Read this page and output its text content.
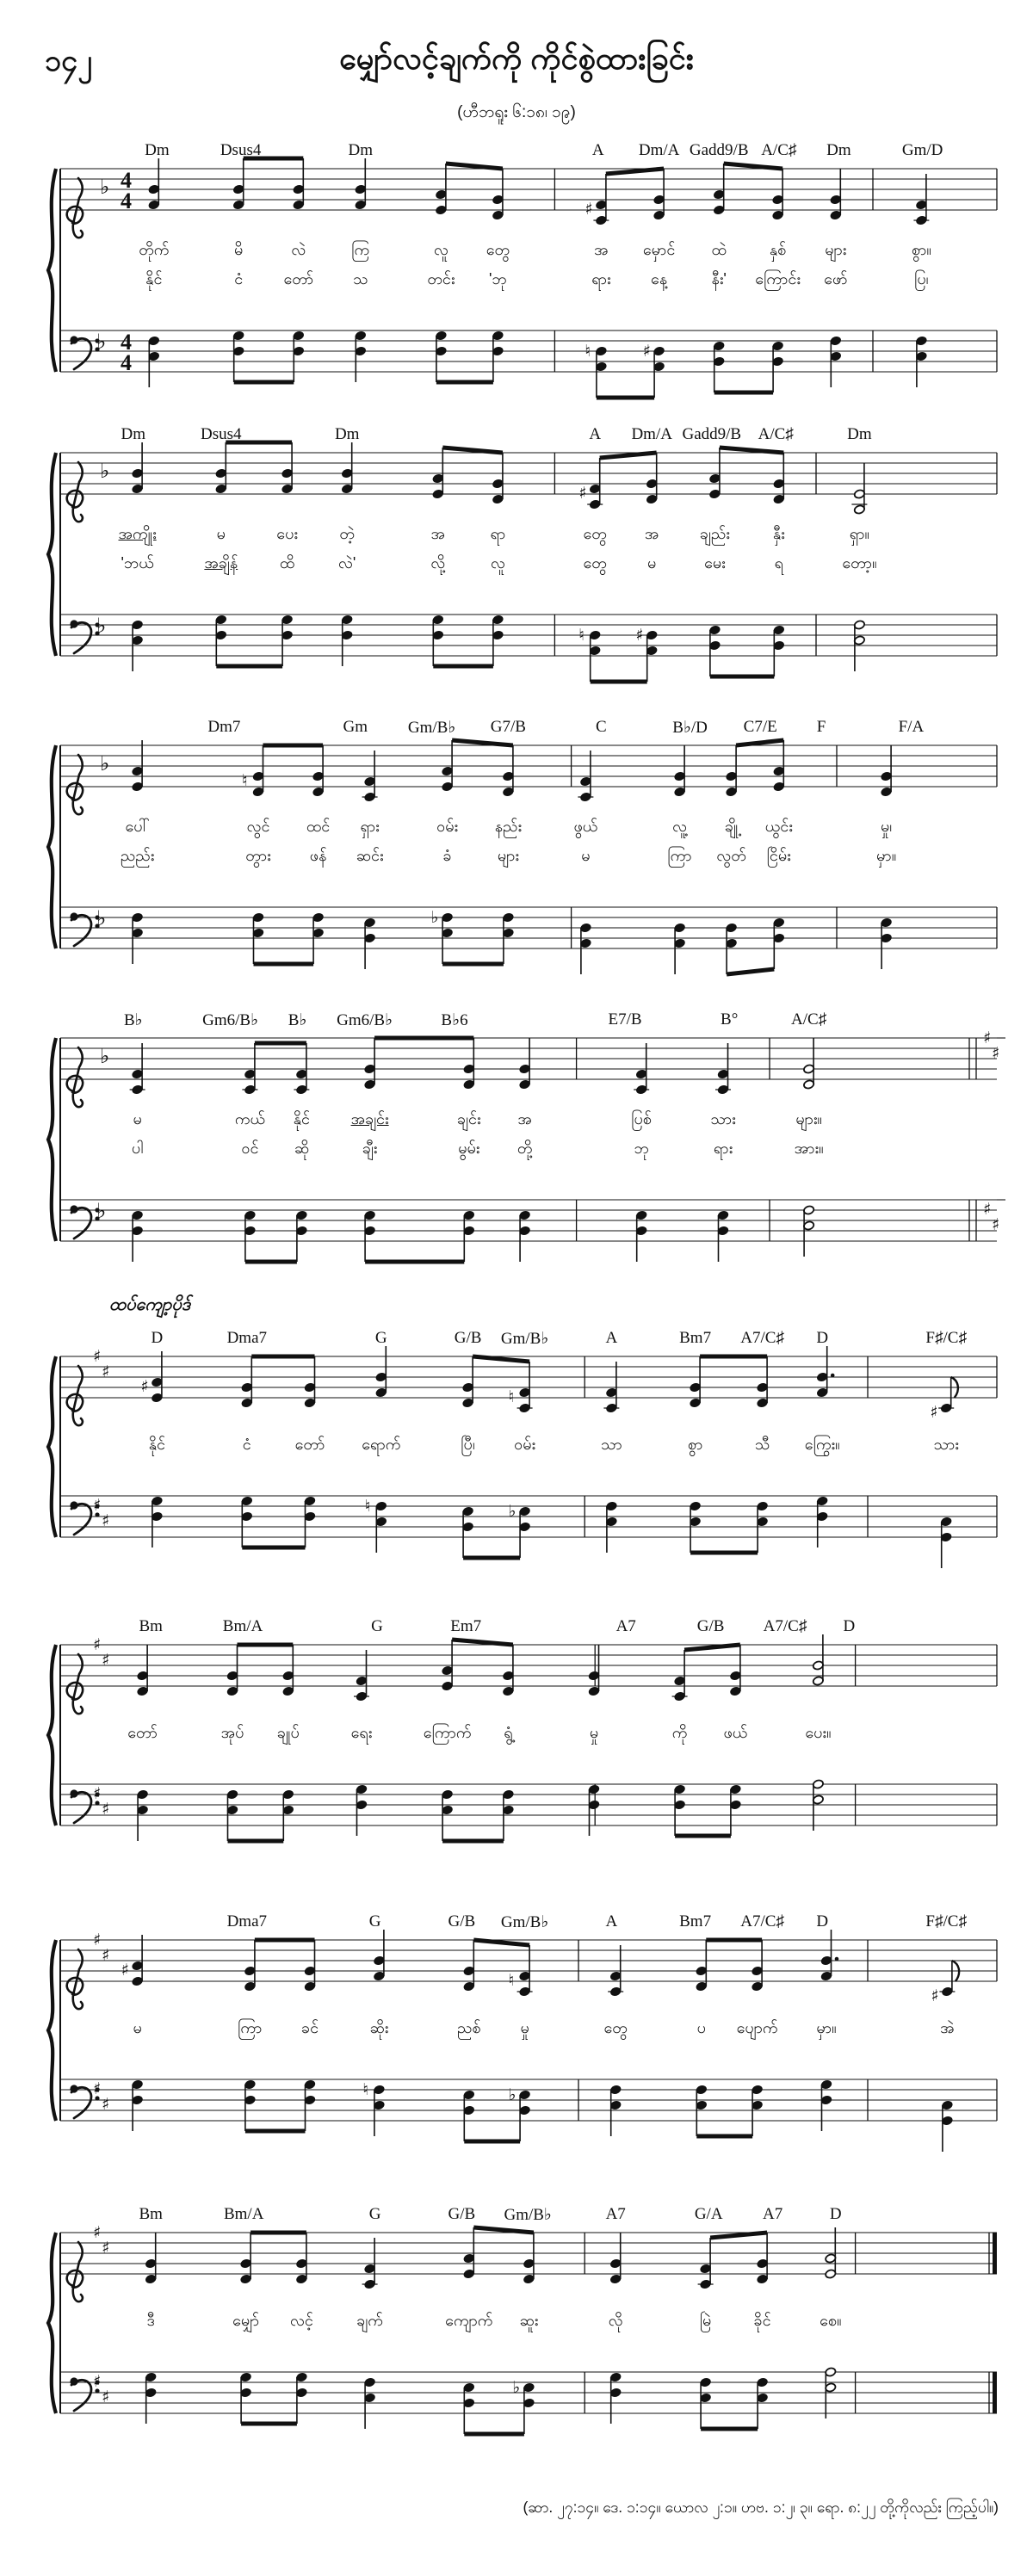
၁၄၂	မျှော်လင့်ချက်ကို ကိုင်စွဲထားခြင်း
(ဟီဘရူး ၆:၁၈၊ ၁၉)
♭
♭
4
4
4
4
♯
♮	♯
Dm	Dsus4	Dm	A Dm/A Gadd9/B A/C♯ Dm	Gm/D
တိုက်	မိ	လဲ	ကြ	လူ တွေ	အ မှောင် ထဲ	နှစ် များ	စွာ။
နိုင်	ငံ	တော်	သ	တင်း 'ဘု	ရား	နေ့	နီး' ကြောင်း ဖော်	ပြ၊
♭
♭
♯
♮	♯
Dm	Dsus4	Dm	A Dm/A Gadd9/B A/C♯	Dm
အကျိုး	မ	ပေး	တဲ့	အ	ရာ	တွေ အ	ချည်း	နှီး	ရှာ။
'ဘယ်	အချိန်	ထိ	လဲ'	လို့	လူ	တွေ	မ	မေး	ရ	တော့။
♭
♭
♮
♭
Dm7	Gm Gm/B♭ G7/B	C	B♭/D C7/E F	F/A
ပေါ်	လွင် ထင် ရှား	ဝမ်း နည်း	ဖွယ်	လူ့ ချို့ ယွင်း	မှု၊
ညည်း	တွား	ဖန် ဆင်း	ခံ	များ	မ	ကြာ လွတ် ငြိမ်း	မှာ။
♭
♭
♯
♯
♯
♯
B♭	Gm6/B♭ B♭ Gm6/B♭	B♭6	E7/B	B°	A/C♯
မ	ကယ် နိုင်	အချင်း	ချင်း အ	ပြစ်	သား	များ။
ပါ	ဝင် ဆို	ချီး	မွမ်း တို့	ဘု	ရား	အား။
♯
♯
♯
♯
♯
♮
♮
♭
♯
ထပ်ကျော့ပိုဒ်
D	Dma7	G	G/B Gm/B♭	A	Bm7 A7/C♯ D	F♯/C♯
နိုင်	ငံ	တော် ရောက်	ပြီ၊	ဝမ်း	သာ	စွာ	သီ ကြွေး။	သား
♯
♯
♯
♯
Bm	Bm/A	G	Em7	A7	G/B A7/C♯ D
တော်	အုပ် ချုပ်	ရေး	ကြောက် ရွံ့	မှု	ကို ဖယ်	ပေး။
♯
♯
♯
♯
♯
♮
♮
♭
♯
Dma7	G	G/B Gm/B♭	A	Bm7 A7/C♯ D	F♯/C♯
မ	ကြာ	ခင်	ဆိုး	ညစ်	မှု	တွေ	ပ ပျောက် မှာ။	အဲ
♯
♯
♯
♯	♭
Bm	Bm/A	G	G/B Gm/B♭	A7	G/A A7	D
ဒီ	မျှော် လင့်	ချက်	ကျောက် ဆူး	လို	မြဲ	ခိုင်	စေ။
(ဆာ. ၂၇:၁၄။ ဒေ. ၁:၁၄။ ယောလ ၂:၁။ ဟဗ. ၁:၂၊ ၃။ ရော. ၈:၂၂ တို့ကိုလည်း ကြည့်ပါ။)
